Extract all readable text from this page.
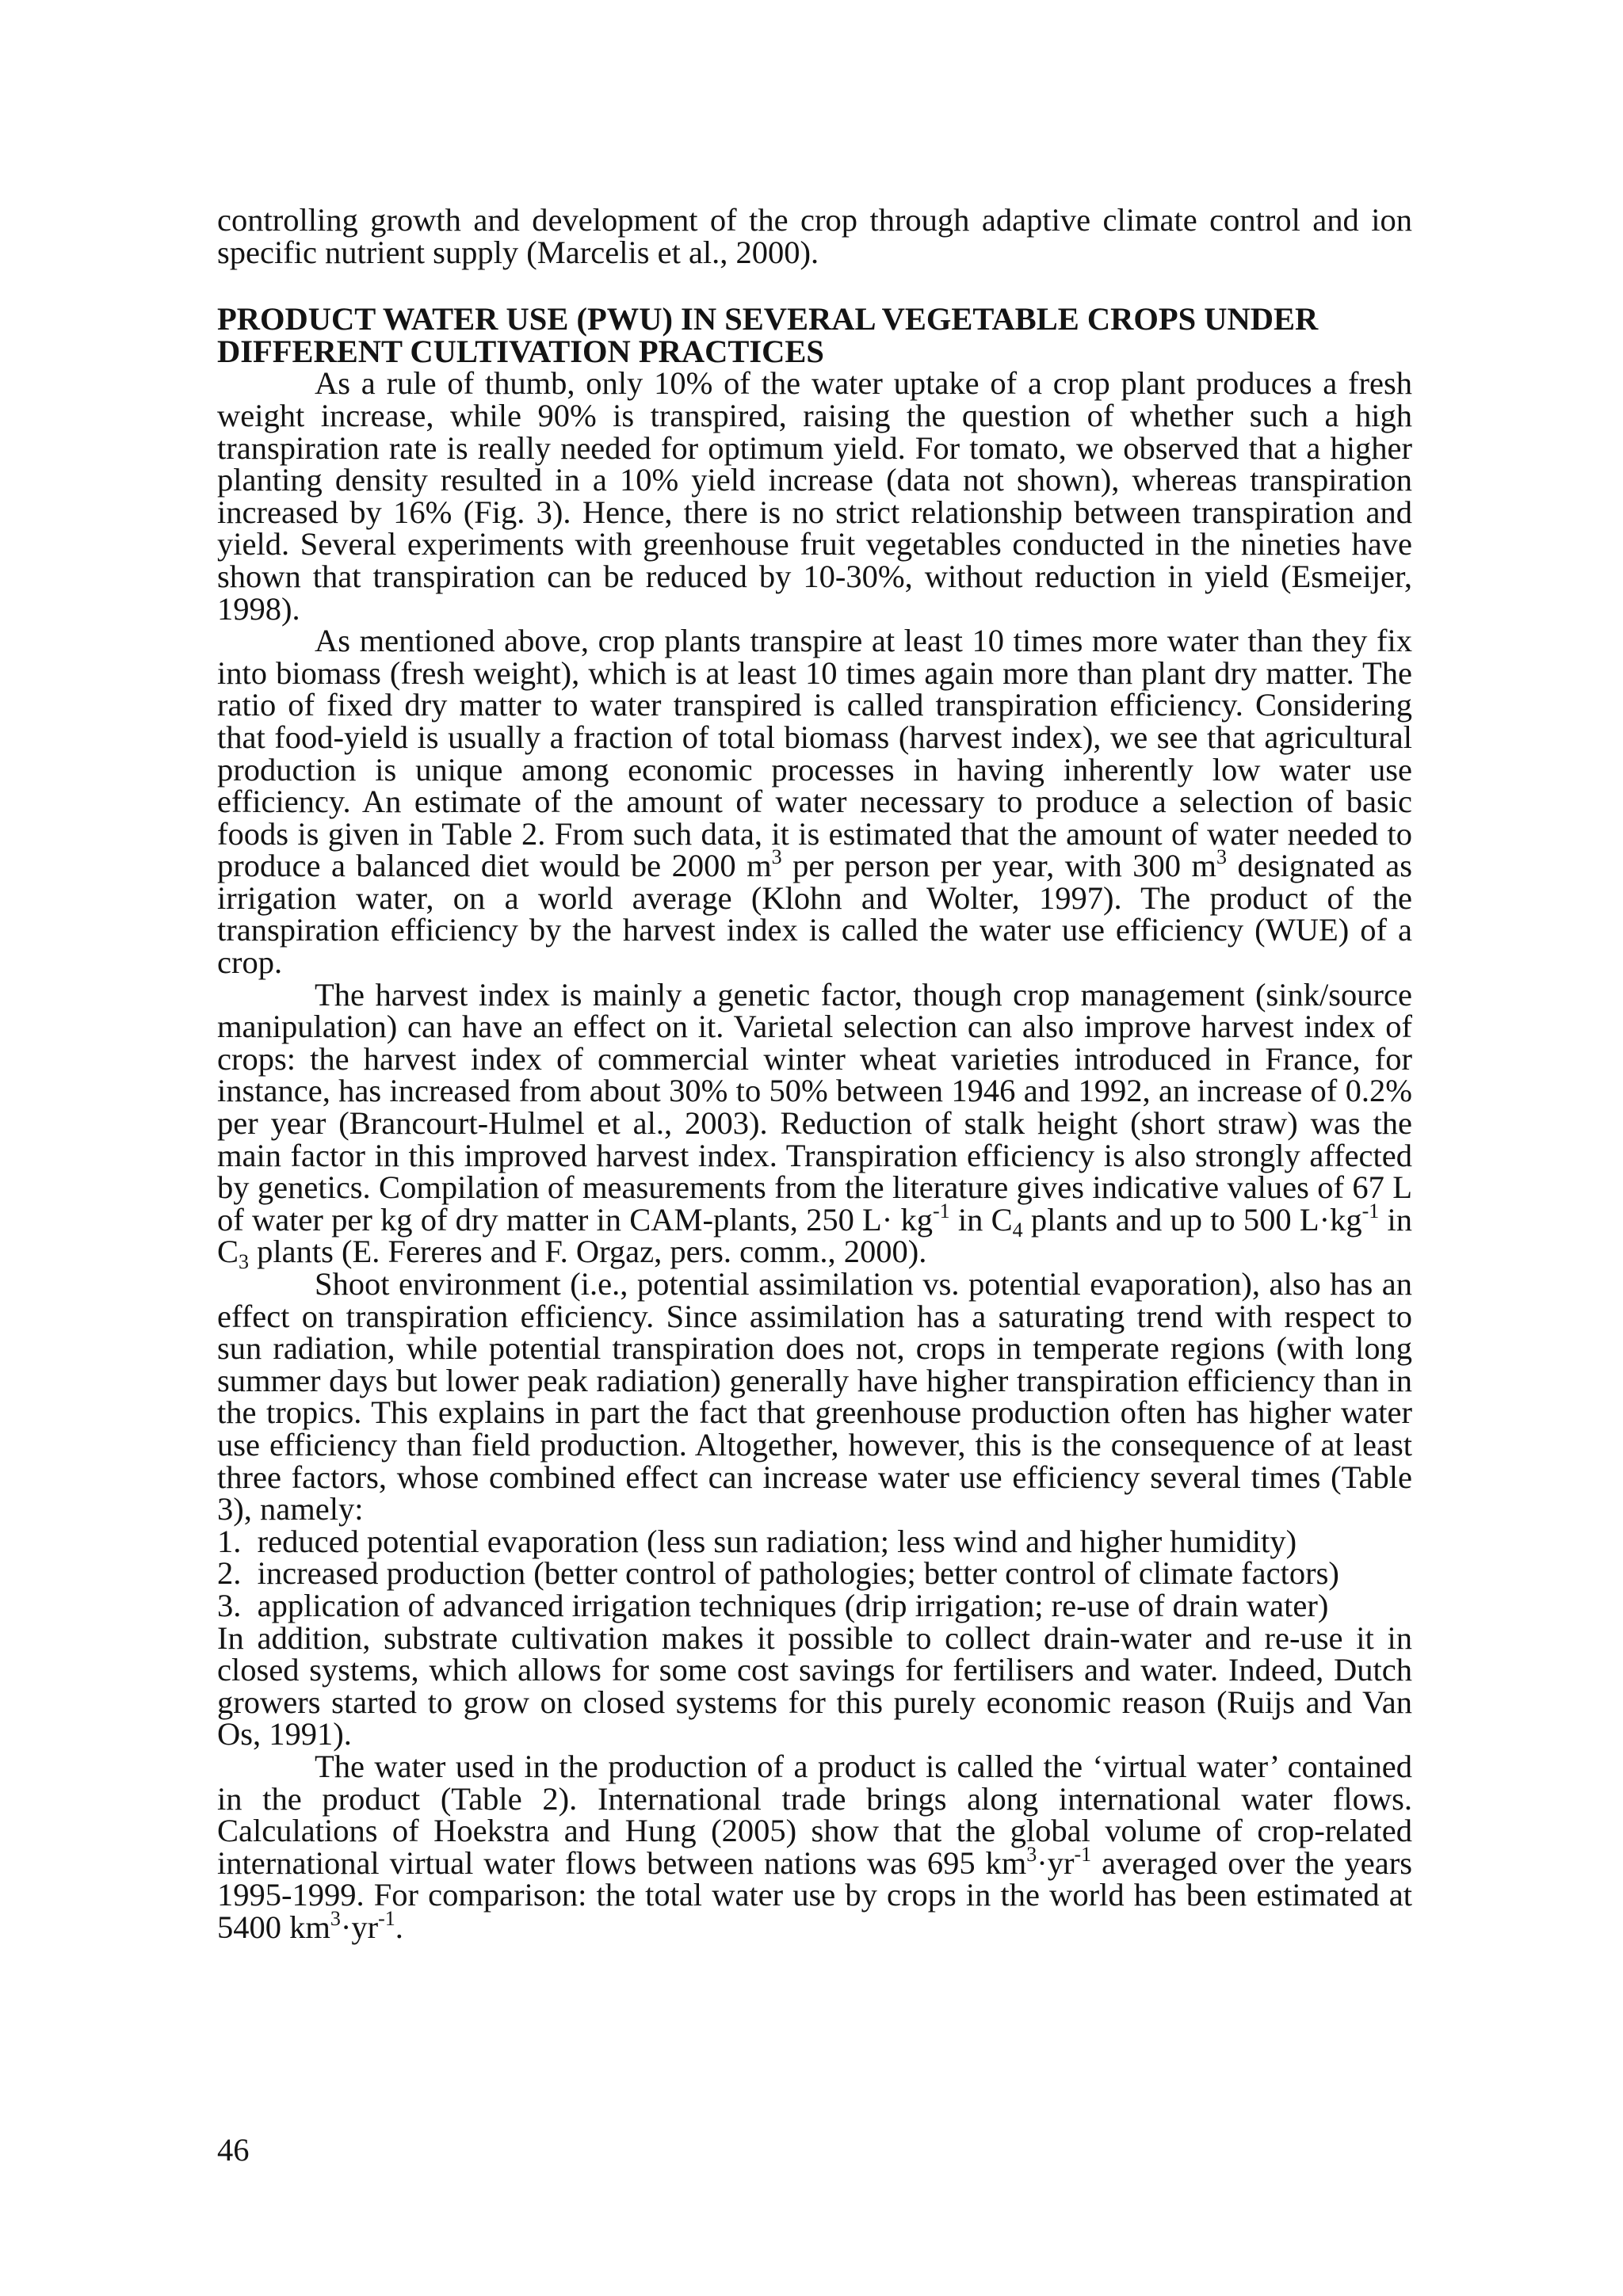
controlling growth and development of the crop through adaptive climate control and ion specific nutrient supply (Marcelis et al., 2000).

PRODUCT WATER USE (PWU) IN SEVERAL VEGETABLE CROPS UNDER DIFFERENT CULTIVATION PRACTICES

As a rule of thumb, only 10% of the water uptake of a crop plant produces a fresh weight increase, while 90% is transpired, raising the question of whether such a high transpiration rate is really needed for optimum yield. For tomato, we observed that a higher planting density resulted in a 10% yield increase (data not shown), whereas transpiration increased by 16% (Fig. 3). Hence, there is no strict relationship between transpiration and yield. Several experiments with greenhouse fruit vegetables conducted in the nineties have shown that transpiration can be reduced by 10-30%, without reduction in yield (Esmeijer, 1998).

As mentioned above, crop plants transpire at least 10 times more water than they fix into biomass (fresh weight), which is at least 10 times again more than plant dry matter. The ratio of fixed dry matter to water transpired is called transpiration efficiency. Considering that food-yield is usually a fraction of total biomass (harvest index), we see that agricultural production is unique among economic processes in having inherently low water use efficiency. An estimate of the amount of water necessary to produce a selection of basic foods is given in Table 2. From such data, it is estimated that the amount of water needed to produce a balanced diet would be 2000 $m^3$ per person per year, with 300 $m^3$ designated as irrigation water, on a world average (Klohn and Wolter, 1997). The product of the transpiration efficiency by the harvest index is called the water use efficiency (WUE) of a crop.

The harvest index is mainly a genetic factor, though crop management (sink/source manipulation) can have an effect on it. Varietal selection can also improve harvest index of crops: the harvest index of commercial winter wheat varieties introduced in France, for instance, has increased from about 30% to 50% between 1946 and 1992, an increase of 0.2% per year (Brancourt-Hulmel et al., 2003). Reduction of stalk height (short straw) was the main factor in this improved harvest index. Transpiration efficiency is also strongly affected by genetics. Compilation of measurements from the literature gives indicative values of 67 L of water per kg of dry matter in CAM-plants, 250 $L\cdot kg^{-1}$ in $C_4$ plants and up to 500 $L\cdot kg^{-1}$ in $C_3$ plants (E. Fereres and F. Orgaz, pers. comm., 2000).

Shoot environment (i.e., potential assimilation vs. potential evaporation), also has an effect on transpiration efficiency. Since assimilation has a saturating trend with respect to sun radiation, while potential transpiration does not, crops in temperate regions (with long summer days but lower peak radiation) generally have higher transpiration efficiency than in the tropics. This explains in part the fact that greenhouse production often has higher water use efficiency than field production. Altogether, however, this is the consequence of at least three factors, whose combined effect can increase water use efficiency several times (Table 3), namely:

1.  reduced potential evaporation (less sun radiation; less wind and higher humidity)
2.  increased production (better control of pathologies; better control of climate factors)
3.  application of advanced irrigation techniques (drip irrigation; re-use of drain water)

In addition, substrate cultivation makes it possible to collect drain-water and re-use it in closed systems, which allows for some cost savings for fertilisers and water. Indeed, Dutch growers started to grow on closed systems for this purely economic reason (Ruijs and Van Os, 1991).

The water used in the production of a product is called the ‘virtual water’ contained in the product (Table 2). International trade brings along international water flows. Calculations of Hoekstra and Hung (2005) show that the global volume of crop-related international virtual water flows between nations was 695 $km^3\cdot yr^{-1}$ averaged over the years 1995-1999. For comparison: the total water use by crops in the world has been estimated at 5400 $km^3\cdot yr^{-1}$.

46
